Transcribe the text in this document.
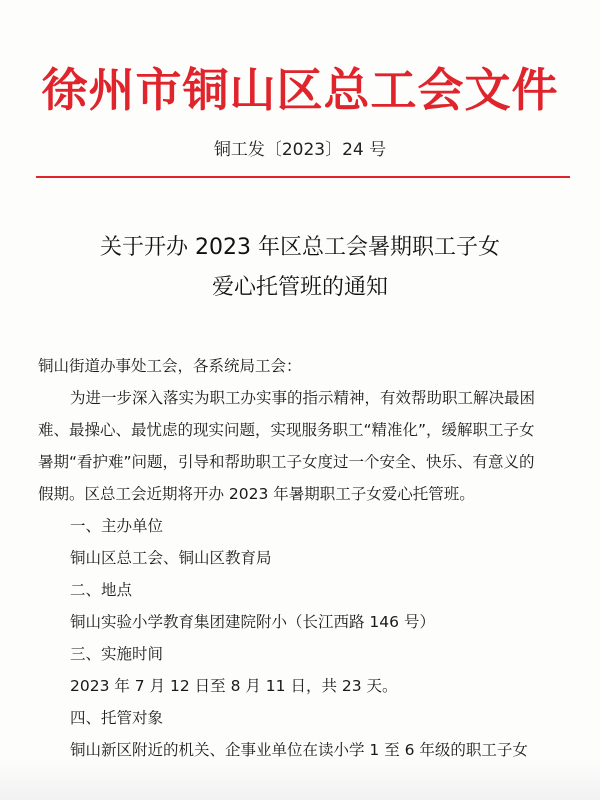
徐州市铜山区总工会文件
铜工发〔2023〕24 号
关于开办 2023 年区总工会暑期职工子女
爱心托管班的通知

铜山街道办事处工会，各系统局工会：

为进一步深入落实为职工办实事的指示精神，有效帮助职工解决最困

难、最操心、最忧虑的现实问题，实现服务职工“精准化”，缓解职工子女

暑期“看护难”问题，引导和帮助职工子女度过一个安全、快乐、有意义的

假期。区总工会近期将开办 2023 年暑期职工子女爱心托管班。

一、主办单位

铜山区总工会、铜山区教育局

二、地点

铜山实验小学教育集团建院附小（长江西路 146 号）

三、实施时间

2023 年 7 月 12 日至 8 月 11 日，共 23 天。

四、托管对象

铜山新区附近的机关、企事业单位在读小学 1 至 6 年级的职工子女
